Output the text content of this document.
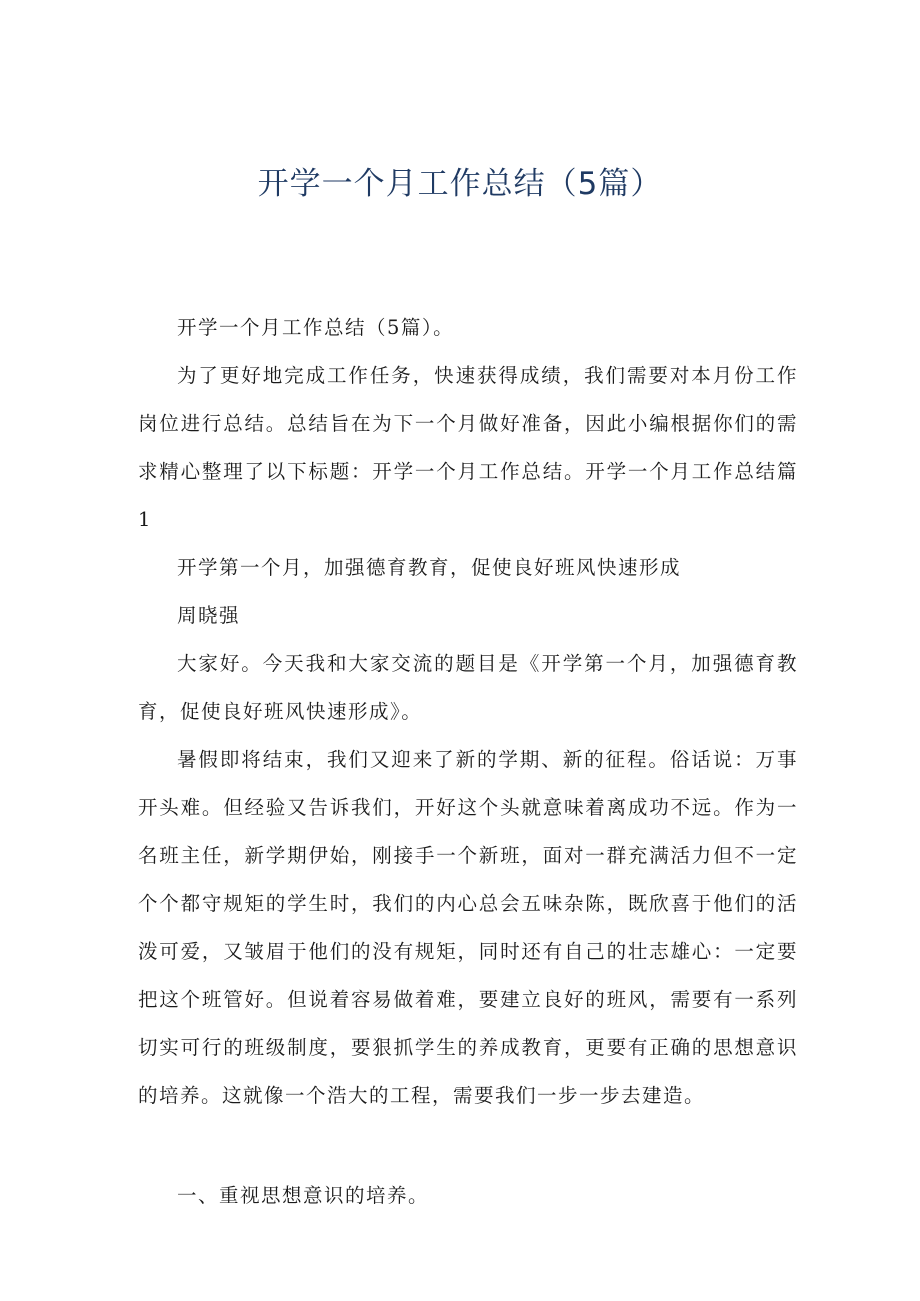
开学一个月工作总结（5篇）

开学一个月工作总结（5篇）。

为了更好地完成工作任务，快速获得成绩，我们需要对本月份工作岗位进行总结。总结旨在为下一个月做好准备，因此小编根据你们的需求精心整理了以下标题：开学一个月工作总结。开学一个月工作总结篇1

开学第一个月，加强德育教育，促使良好班风快速形成

周晓强

大家好。今天我和大家交流的题目是《开学第一个月，加强德育教育，促使良好班风快速形成》。

暑假即将结束，我们又迎来了新的学期、新的征程。俗话说：万事开头难。但经验又告诉我们，开好这个头就意味着离成功不远。作为一名班主任，新学期伊始，刚接手一个新班，面对一群充满活力但不一定个个都守规矩的学生时，我们的内心总会五味杂陈，既欣喜于他们的活泼可爱，又皱眉于他们的没有规矩，同时还有自己的壮志雄心：一定要把这个班管好。但说着容易做着难，要建立良好的班风，需要有一系列切实可行的班级制度，要狠抓学生的养成教育，更要有正确的思想意识的培养。这就像一个浩大的工程，需要我们一步一步去建造。

一、重视思想意识的培养。
